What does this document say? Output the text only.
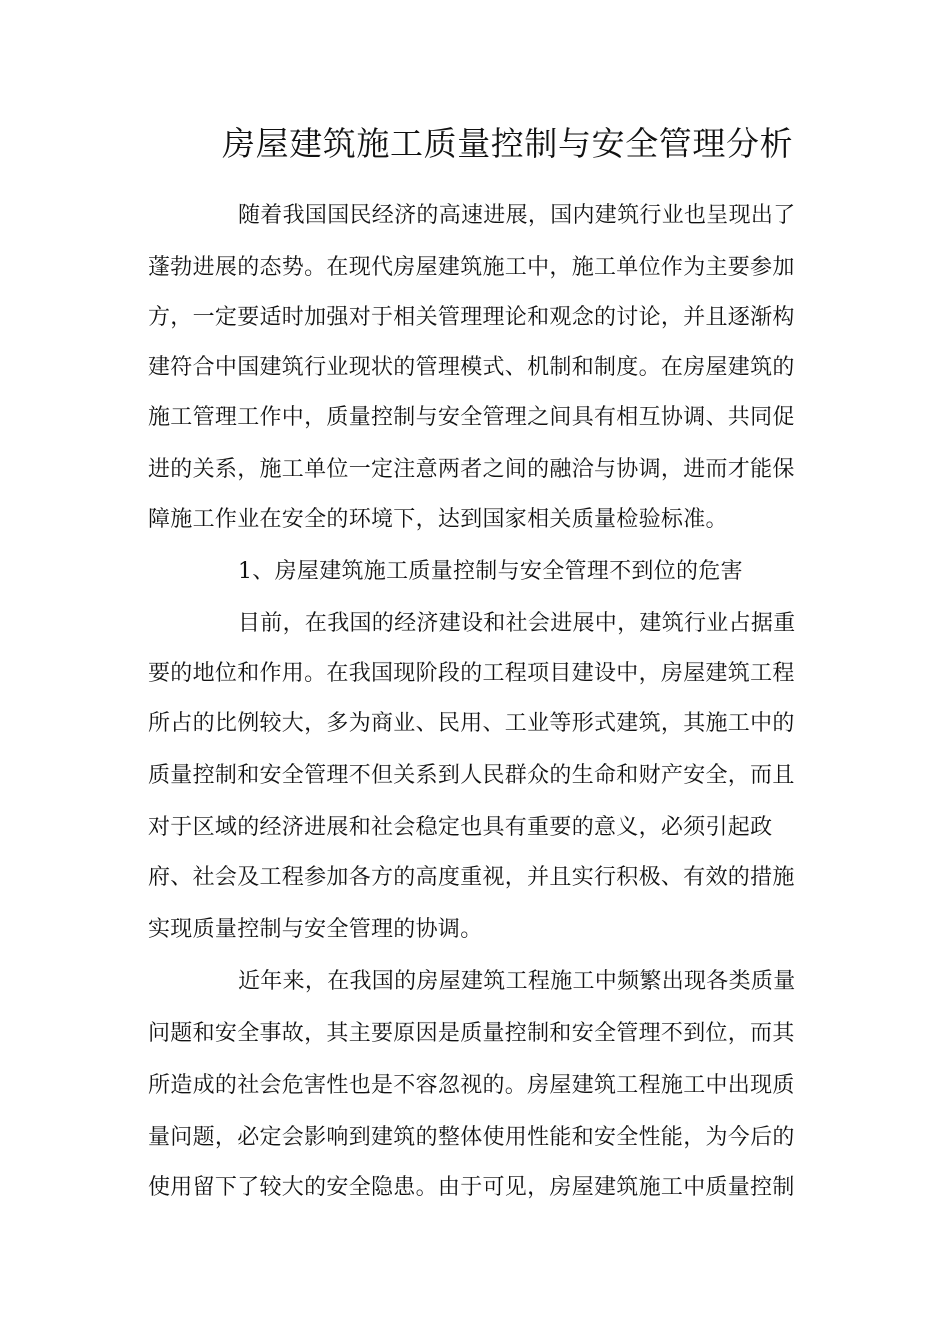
房屋建筑施工质量控制与安全管理分析

随着我国国民经济的高速进展，国内建筑行业也呈现出了

蓬勃进展的态势。在现代房屋建筑施工中，施工单位作为主要参加

方，一定要适时加强对于相关管理理论和观念的讨论，并且逐渐构

建符合中国建筑行业现状的管理模式、机制和制度。在房屋建筑的

施工管理工作中，质量控制与安全管理之间具有相互协调、共同促

进的关系，施工单位一定注意两者之间的融洽与协调，进而才能保

障施工作业在安全的环境下，达到国家相关质量检验标准。

1、房屋建筑施工质量控制与安全管理不到位的危害

目前，在我国的经济建设和社会进展中，建筑行业占据重

要的地位和作用。在我国现阶段的工程项目建设中，房屋建筑工程

所占的比例较大，多为商业、民用、工业等形式建筑，其施工中的

质量控制和安全管理不但关系到人民群众的生命和财产安全，而且

对于区域的经济进展和社会稳定也具有重要的意义，必须引起政

府、社会及工程参加各方的高度重视，并且实行积极、有效的措施

实现质量控制与安全管理的协调。

近年来，在我国的房屋建筑工程施工中频繁出现各类质量

问题和安全事故，其主要原因是质量控制和安全管理不到位，而其

所造成的社会危害性也是不容忽视的。房屋建筑工程施工中出现质

量问题，必定会影响到建筑的整体使用性能和安全性能，为今后的

使用留下了较大的安全隐患。由于可见，房屋建筑施工中质量控制
